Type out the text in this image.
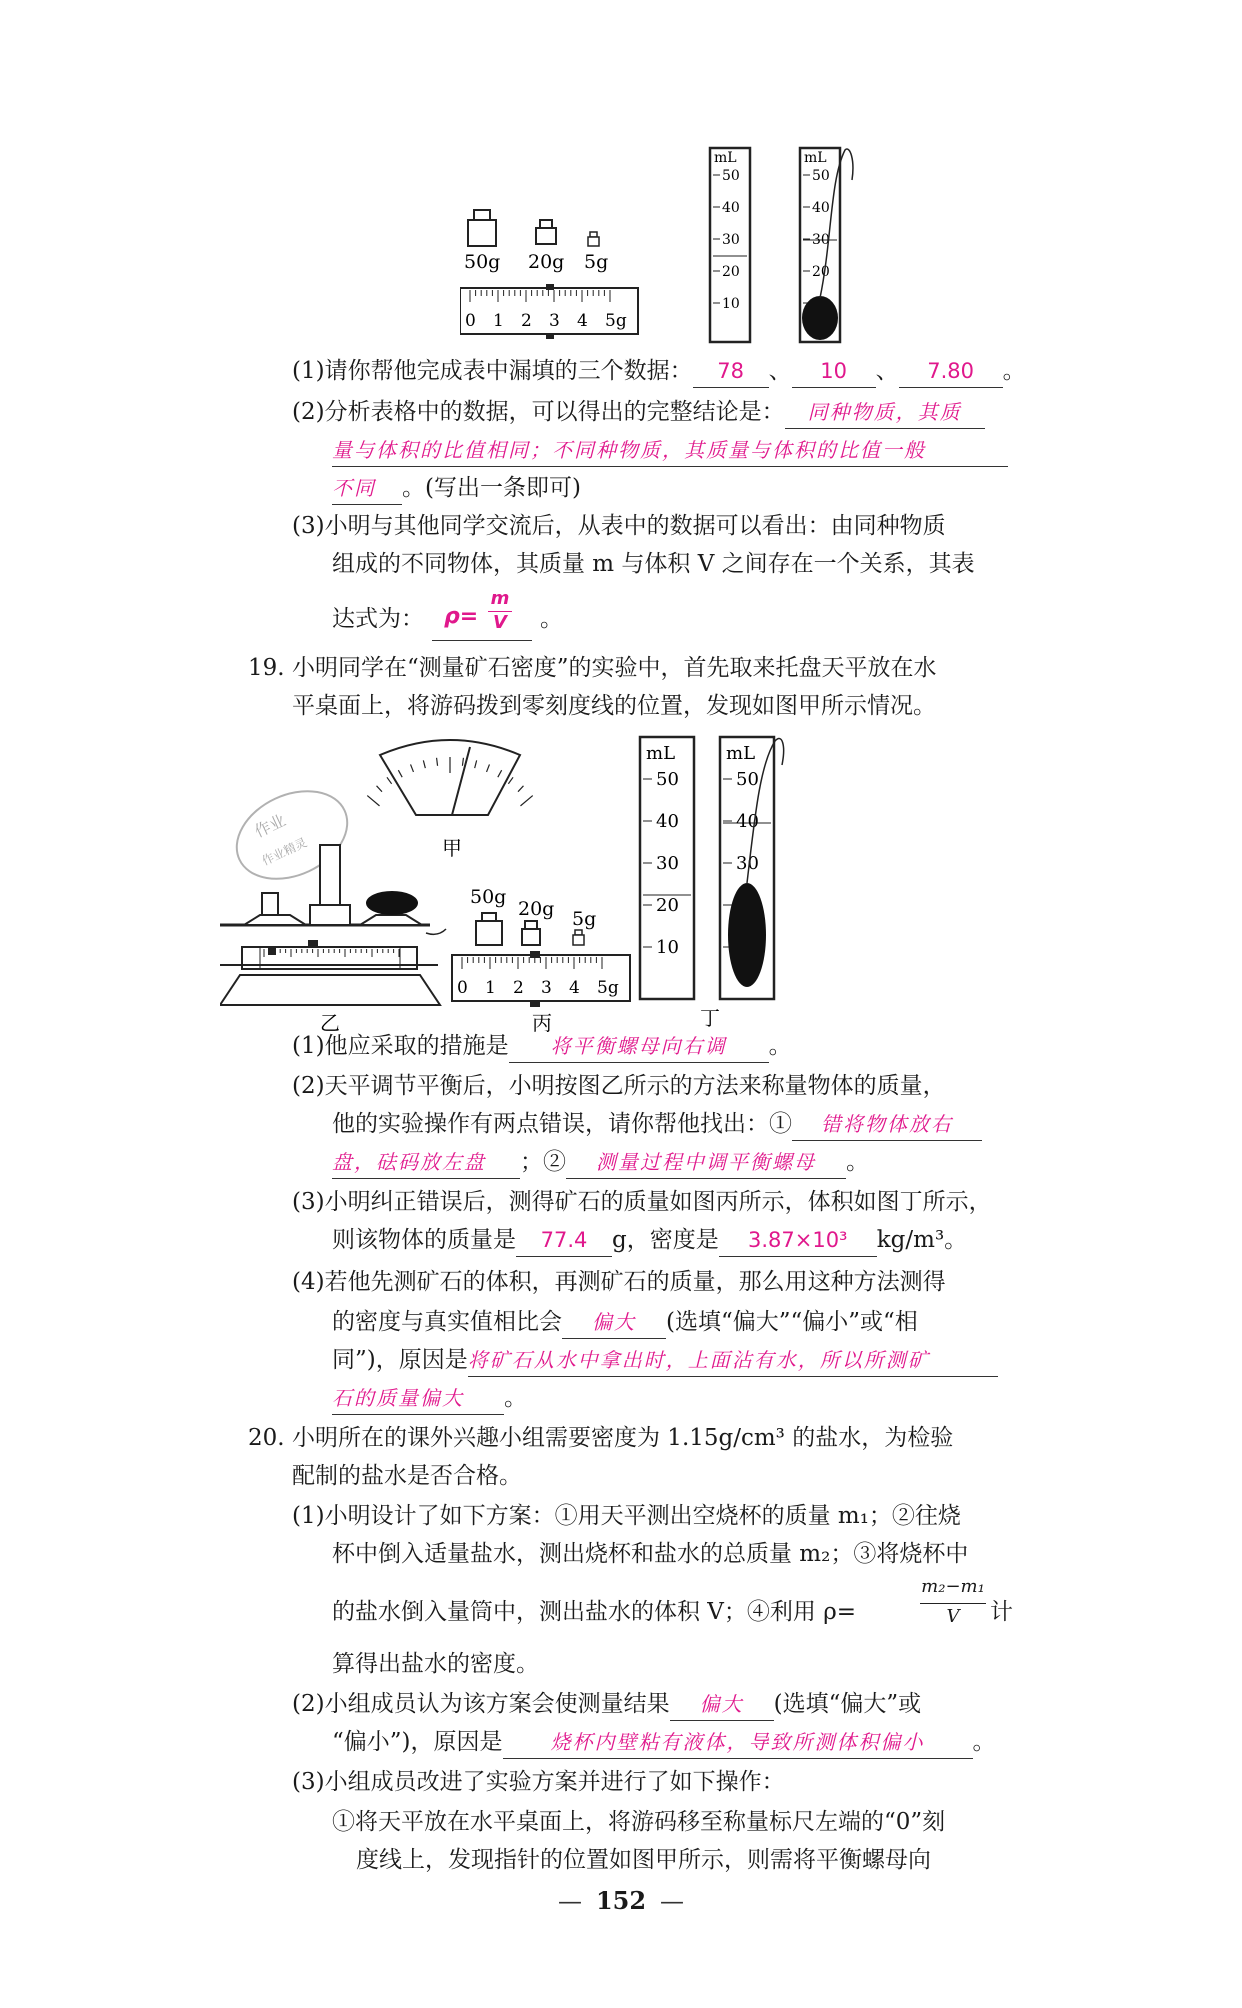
50g 20g 5g
0 1 2 3 4 5g
mL
50
40
30
20
10
mL
50
40
30
20
(1)请你帮他完成表中漏填的三个数据： 78 、 10 、 7.80 。
(2)分析表格中的数据，可以得出的完整结论是： 同种物质，其质
量与体积的比值相同；不同种物质，其质量与体积的比值一般
不同 。(写出一条即可)
(3)小明与其他同学交流后，从表中的数据可以看出：由同种物质
组成的不同物体，其质量 m 与体积 V 之间存在一个关系，其表
达式为： ρ=
m
V 。
19. 小明同学在“测量矿石密度”的实验中，首先取来托盘天平放在水
平桌面上，将游码拨到零刻度线的位置，发现如图甲所示情况。
作业
作业精灵	甲
乙
50g
20g 5g
0 1 2 3 4 5g
丙
mL
50
40
30
20
10
mL
50
40
30
丁
(1)他应采取的措施是 将平衡螺母向右调 。
(2)天平调节平衡后，小明按图乙所示的方法来称量物体的质量，
他的实验操作有两点错误，请你帮他找出：① 错将物体放右
盘，砝码放左盘 ；② 测量过程中调平衡螺母 。
(3)小明纠正错误后，测得矿石的质量如图丙所示，体积如图丁所示，
则该物体的质量是 77.4 g，密度是 3.87×10³ kg/m³。
(4)若他先测矿石的体积，再测矿石的质量，那么用这种方法测得
的密度与真实值相比会 偏大 (选填“偏大”“偏小”或“相
同”)，原因是将矿石从水中拿出时，上面沾有水，所以所测矿
石的质量偏大 。
20. 小明所在的课外兴趣小组需要密度为 1.15g/cm³ 的盐水，为检验
配制的盐水是否合格。
(1)小明设计了如下方案：①用天平测出空烧杯的质量 m₁；②往烧
杯中倒入适量盐水，测出烧杯和盐水的总质量 m₂；③将烧杯中
的盐水倒入量筒中，测出盐水的体积 V；④利用 ρ=
m₂−m₁
V	计
算得出盐水的密度。
(2)小组成员认为该方案会使测量结果 偏大 (选填“偏大”或
“偏小”)，原因是 烧杯内壁粘有液体，导致所测体积偏小 。
(3)小组成员改进了实验方案并进行了如下操作：
①将天平放在水平桌面上，将游码移至称量标尺左端的“0”刻
度线上，发现指针的位置如图甲所示，则需将平衡螺母向
— 152 —
